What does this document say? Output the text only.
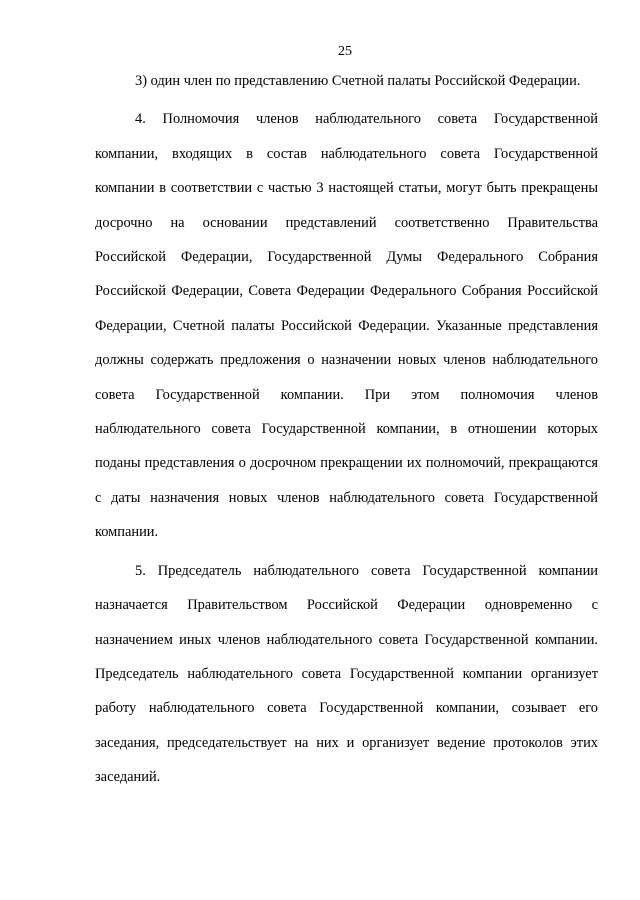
25

3) один член по представлению Счетной палаты Российской Федерации.

4. Полномочия членов наблюдательного совета Государственной компании, входящих в состав наблюдательного совета Государственной компании в соответствии с частью 3 настоящей статьи, могут быть прекращены досрочно на основании представлений соответственно Правительства Российской Федерации, Государственной Думы Федерального Собрания Российской Федерации, Совета Федерации Федерального Собрания Российской Федерации, Счетной палаты Российской Федерации. Указанные представления должны содержать предложения о назначении новых членов наблюдательного совета Государственной компании. При этом полномочия членов наблюдательного совета Государственной компании, в отношении которых поданы представления о досрочном прекращении их полномочий, прекращаются с даты назначения новых членов наблюдательного совета Государственной компании.

5. Председатель наблюдательного совета Государственной компании назначается Правительством Российской Федерации одновременно с назначением иных членов наблюдательного совета Государственной компании. Председатель наблюдательного совета Государственной компании организует работу наблюдательного совета Государственной компании, созывает его заседания, председательствует на них и организует ведение протоколов этих заседаний.
